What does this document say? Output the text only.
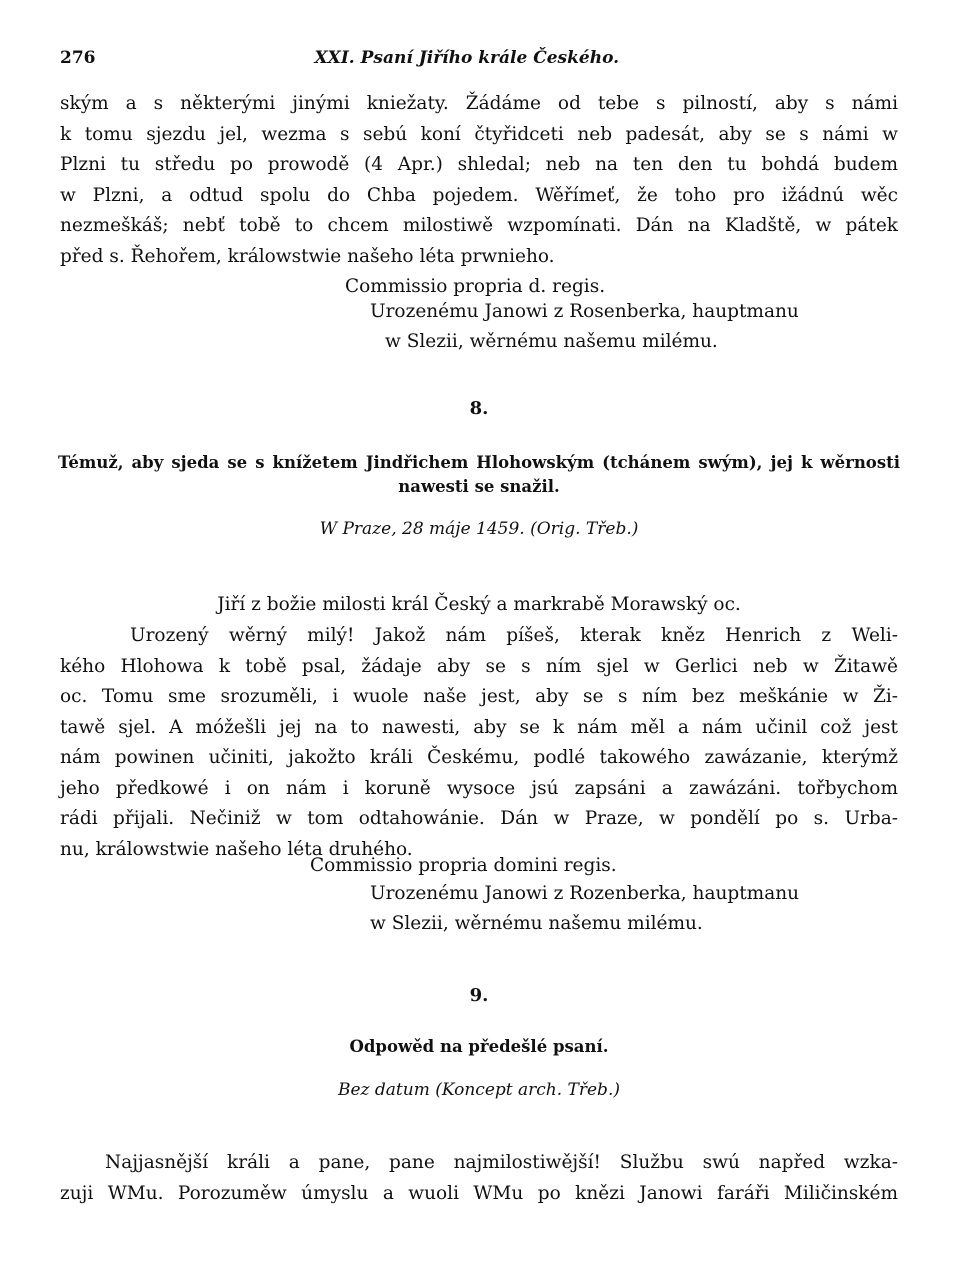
276	XXI. Psaní Jiřího krále Českého.
ským a s některými jinými kniežaty. Žádáme od tebe s pilností, aby s námi
k tomu sjezdu jel, wezma s sebú koní čtyřidceti neb padesát, aby se s námi w
Plzni tu středu po prowodě (4 Apr.) shledal; neb na ten den tu bohdá budem
w Plzni, a odtud spolu do Chba pojedem. Wěřímeť, že toho pro ižádnú wěc
nezmeškáš; nebť tobě to chcem milostiwě wzpomínati. Dán na Kladště, w pátek
před s. Řehořem, králowstwie našeho léta prwnieho.
Commissio propria d. regis.
Urozenému Janowi z Rosenberka, hauptmanu
w Slezii, wěrnému našemu milému.
8.
Témuž, aby sjeda se s knížetem Jindřichem Hlohowským (tchánem swým), jej k wěrnosti nawesti se snažil.
W Praze, 28 máje 1459. (Orig. Třeb.)
Jiří z božie milosti král Český a markrabě Morawský oc.
Urozený wěrný milý! Jakož nám píšeš, kterak kněz Henrich z Weli-
kého Hlohowa k tobě psal, žádaje aby se s ním sjel w Gerlici neb w Žitawě
oc. Tomu sme srozuměli, i wuole naše jest, aby se s ním bez meškánie w Ži-
tawě sjel. A móžešli jej na to nawesti, aby se k nám měl a nám učinil což jest
nám powinen učiniti, jakožto králi Českému, podlé takowého zawázanie, kterýmž
jeho předkowé i on nám i koruně wysoce jsú zapsáni a zawázáni. tořbychom
rádi přijali. Nečiniž w tom odtahowánie. Dán w Praze, w pondělí po s. Urba-
nu, králowstwie našeho léta druhého.
Commissio propria domini regis.
Urozenému Janowi z Rozenberka, hauptmanu
w Slezii, wěrnému našemu milému.
9.
Odpowěd na předešlé psaní.
Bez datum (Koncept arch. Třeb.)
Najjasnější králi a pane, pane najmilostiwější! Službu swú napřed wzka-
zuji WMu. Porozuměw úmyslu a wuoli WMu po knězi Janowi faráři Miličinském
